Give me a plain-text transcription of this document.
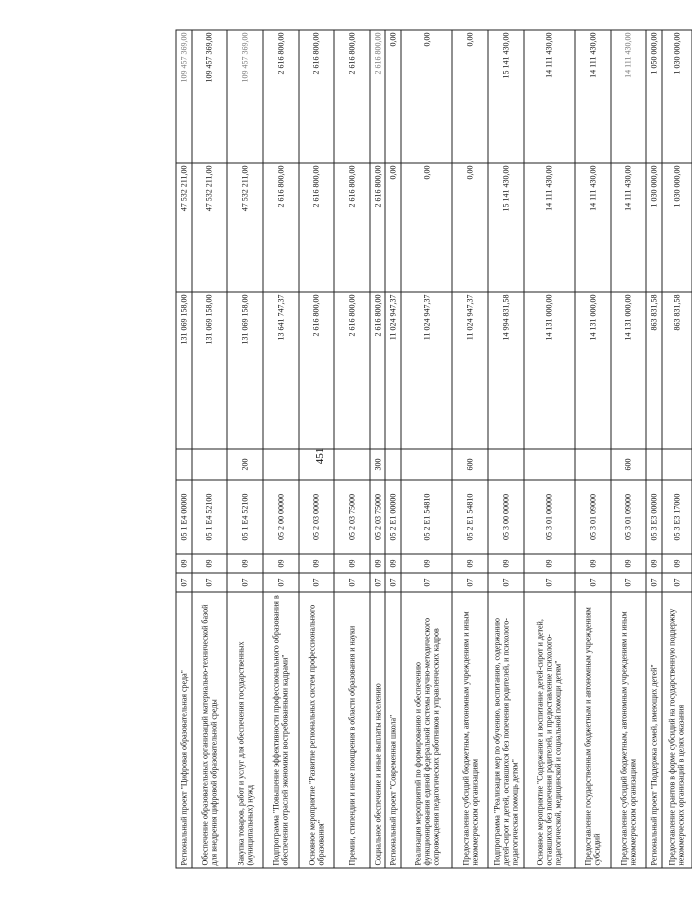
451
Региональный проект "Цифровая образовательная среда"	07	09	05 1 Е4 00000		131 069 158,00	47 532 211,00	109 457 369,00
Обеспечение образовательных организаций материально-технической базой для внедрения цифровой образовательной среды	07	09	05 1 Е4 52100		131 069 158,00	47 532 211,00	109 457 369,00
Закупка товаров, работ и услуг для обеспечения государственных (муниципальных) нужд	07	09	05 1 Е4 52100	200	131 069 158,00	47 532 211,00	109 457 369,00
Подпрограмма "Повышение эффективности профессионального образования в обеспечении отраслей экономики востребованными кадрами"	07	09	05 2 00 00000		13 641 747,37	2 616 800,00	2 616 800,00
Основное мероприятие "Развитие региональных систем профессионального образования"	07	09	05 2 03 00000		2 616 800,00	2 616 800,00	2 616 800,00
Премии, стипендии и иные поощрения в области образования и науки	07	09	05 2 03 75000		2 616 800,00	2 616 800,00	2 616 800,00
Социальное обеспечение и иные выплаты населению	07	09	05 2 03 75000	300	2 616 800,00	2 616 800,00	2 616 800,00
Региональный проект "Современная школа"	07	09	05 2 Е1 00000		11 024 947,37	0,00	0,00
Реализация мероприятий по формированию и обеспечению функционирования единой федеральной системы научно-методического сопровождения педагогических работников и управленческих кадров	07	09	05 2 Е1 54810		11 024 947,37	0,00	0,00
Предоставление субсидий бюджетным, автономным учреждениям и иным некоммерческим организациям	07	09	05 2 Е1 54810	600	11 024 947,37	0,00	0,00
Подпрограмма "Реализация мер по обучению, воспитанию, содержанию детей-сирот и детей, оставшихся без попечения родителей, и психолого-педагогическая помощь детям"	07	09	05 3 00 00000		14 994 831,58	15 141 430,00	15 141 430,00
Основное мероприятие "Содержание и воспитание детей-сирот и детей, оставшихся без попечения родителей, и предоставление психолого-педагогической, медицинской и социальной помощи детям"	07	09	05 3 01 00000		14 131 000,00	14 111 430,00	14 111 430,00
Предоставление государственным бюджетным и автономным учреждениям субсидий	07	09	05 3 01 09000		14 131 000,00	14 111 430,00	14 111 430,00
Предоставление субсидий бюджетным, автономным учреждениям и иным некоммерческим организациям	07	09	05 3 01 09000	600	14 131 000,00	14 111 430,00	14 111 430,00
Региональный проект "Поддержка семей, имеющих детей"	07	09	05 3 Е3 00000		863 831,58	1 030 000,00	1 050 000,00
Предоставление грантов в форме субсидий на государственную поддержку некоммерческих организаций в целях оказания	07	09	05 3 Е3 17000		863 831,58	1 030 000,00	1 030 000,00
